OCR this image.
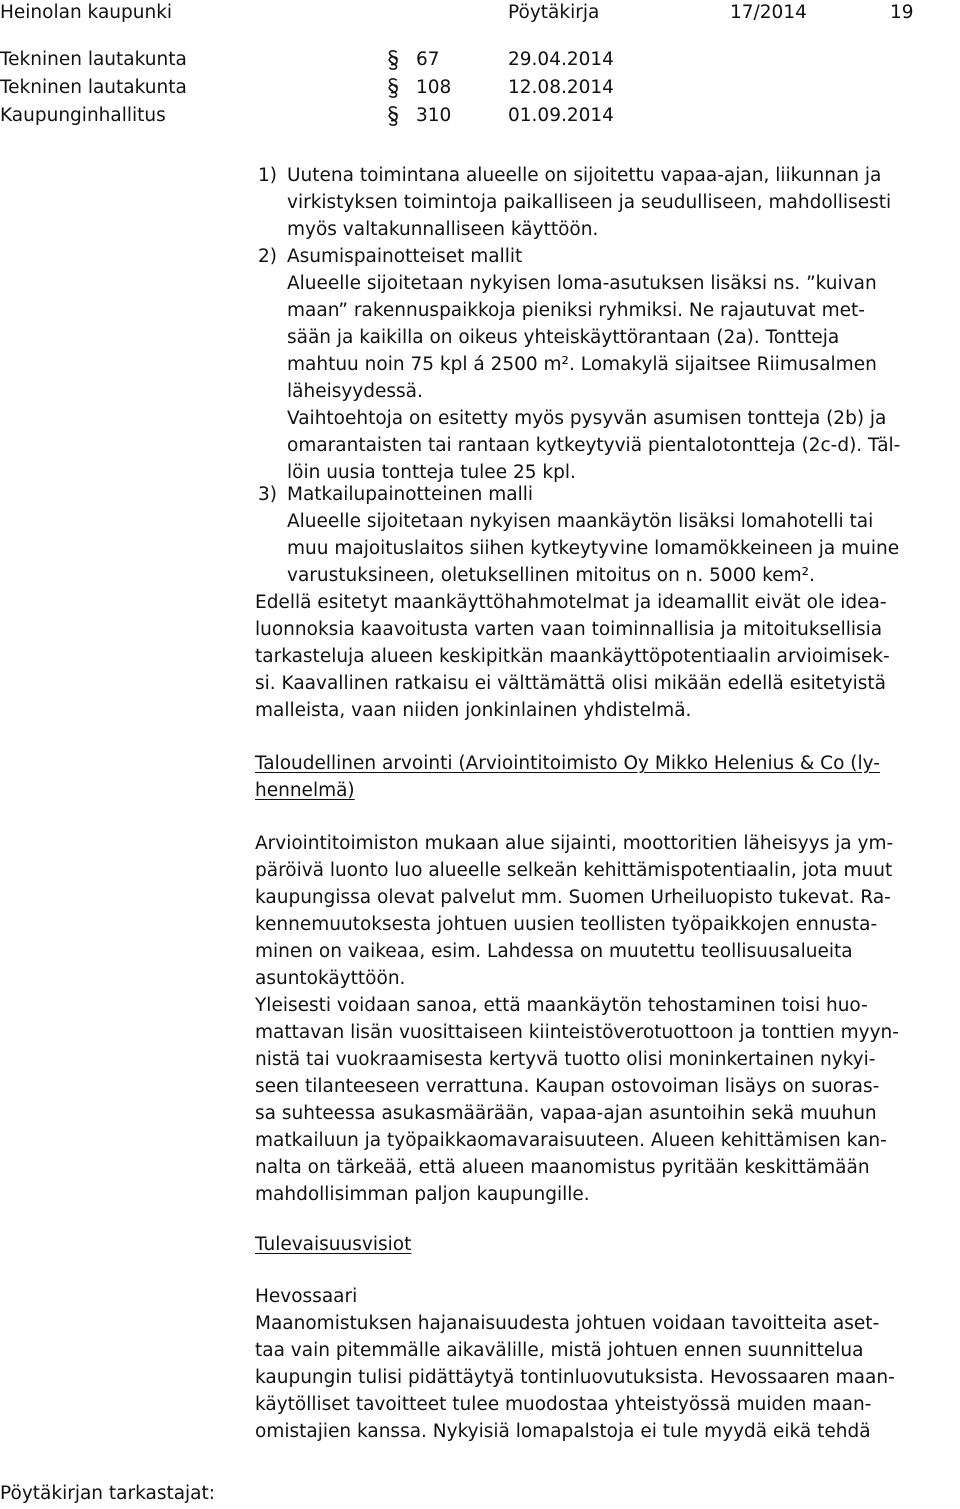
Heinolan kaupunki	Pöytäkirja	17/2014	19
Tekninen lautakunta	67	29.04.2014
Tekninen lautakunta	108	12.08.2014
Kaupunginhallitus	310	01.09.2014
1) Uutena toimintana alueelle on sijoitettu vapaa-ajan, liikunnan ja
virkistyksen toimintoja paikalliseen ja seudulliseen, mahdollisesti
myös valtakunnalliseen käyttöön.
2) Asumispainotteiset mallit
Alueelle sijoitetaan nykyisen loma-asutuksen lisäksi ns. ”kuivan
maan” rakennuspaikkoja pieniksi ryhmiksi. Ne rajautuvat met-
sään ja kaikilla on oikeus yhteiskäyttörantaan (2a). Tontteja
mahtuu noin 75 kpl á 2500 m². Lomakylä sijaitsee Riimusalmen
läheisyydessä.
Vaihtoehtoja on esitetty myös pysyvän asumisen tontteja (2b) ja
omarantaisten tai rantaan kytkeytyviä pientalotontteja (2c-d). Täl-
löin uusia tontteja tulee 25 kpl.
3) Matkailupainotteinen malli
Alueelle sijoitetaan nykyisen maankäytön lisäksi lomahotelli tai
muu majoituslaitos siihen kytkeytyvine lomamökkeineen ja muine
varustuksineen, oletuksellinen mitoitus on n. 5000 kem².
Edellä esitetyt maankäyttöhahmotelmat ja ideamallit eivät ole idea-
luonnoksia kaavoitusta varten vaan toiminnallisia ja mitoituksellisia
tarkasteluja alueen keskipitkän maankäyttöpotentiaalin arvioimisek-
si. Kaavallinen ratkaisu ei välttämättä olisi mikään edellä esitetyistä
malleista, vaan niiden jonkinlainen yhdistelmä.
Taloudellinen arvointi (Arviointitoimisto Oy Mikko Helenius & Co (ly-
hennelmä)
Arviointitoimiston mukaan alue sijainti, moottoritien läheisyys ja ym-
päröivä luonto luo alueelle selkeän kehittämispotentiaalin, jota muut
kaupungissa olevat palvelut mm. Suomen Urheiluopisto tukevat. Ra-
kennemuutoksesta johtuen uusien teollisten työpaikkojen ennusta-
minen on vaikeaa, esim. Lahdessa on muutettu teollisuusalueita
asuntokäyttöön.
Yleisesti voidaan sanoa, että maankäytön tehostaminen toisi huo-
mattavan lisän vuosittaiseen kiinteistöverotuottoon ja tonttien myyn-
nistä tai vuokraamisesta kertyvä tuotto olisi moninkertainen nykyi-
seen tilanteeseen verrattuna. Kaupan ostovoiman lisäys on suoras-
sa suhteessa asukasmäärään, vapaa-ajan asuntoihin sekä muuhun
matkailuun ja työpaikkaomavaraisuuteen. Alueen kehittämisen kan-
nalta on tärkeää, että alueen maanomistus pyritään keskittämään
mahdollisimman paljon kaupungille.
Tulevaisuusvisiot
Hevossaari
Maanomistuksen hajanaisuudesta johtuen voidaan tavoitteita aset-
taa vain pitemmälle aikavälille, mistä johtuen ennen suunnittelua
kaupungin tulisi pidättäytyä tontinluovutuksista. Hevossaaren maan-
käytölliset tavoitteet tulee muodostaa yhteistyössä muiden maan-
omistajien kanssa. Nykyisiä lomapalstoja ei tule myydä eikä tehdä
Pöytäkirjan tarkastajat:
